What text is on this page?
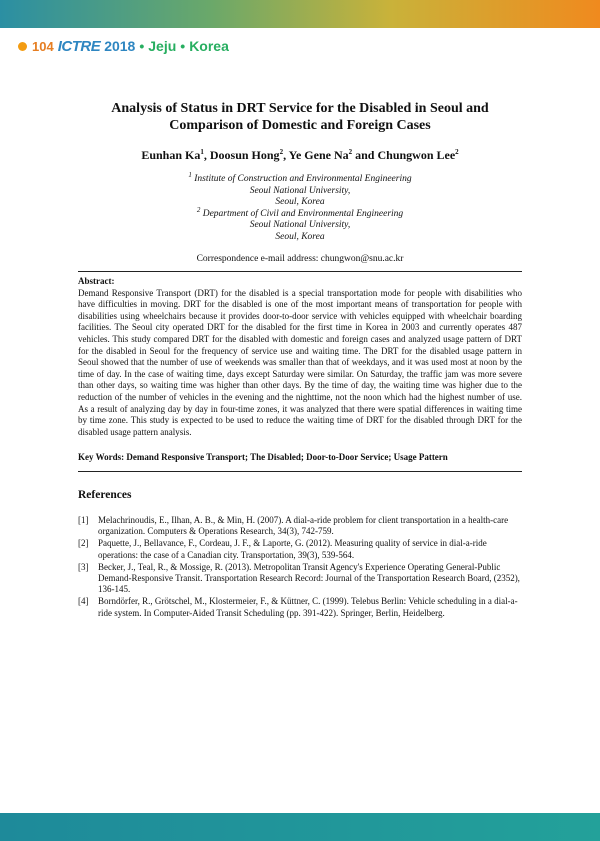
104 ICTRE 2018 • Jeju • Korea
Analysis of Status in DRT Service for the Disabled in Seoul and
Comparison of Domestic and Foreign Cases
Eunhan Ka$^1$, Doosun Hong$^2$, Ye Gene Na$^2$ and Chungwon Lee$^2$
$^1$ Institute of Construction and Environmental Engineering
Seoul National University,
Seoul, Korea
$^2$ Department of Civil and Environmental Engineering
Seoul National University,
Seoul, Korea
Correspondence e-mail address: chungwon@snu.ac.kr
Abstract:
Demand Responsive Transport (DRT) for the disabled is a special transportation mode for people with disabilities who have difficulties in moving. DRT for the disabled is one of the most important means of transportation for people with disabilities using wheelchairs because it provides door-to-door service with vehicles equipped with wheelchair boarding facilities. The Seoul city operated DRT for the disabled for the first time in Korea in 2003 and currently operates 487 vehicles. This study compared DRT for the disabled with domestic and foreign cases and analyzed usage pattern of DRT for the disabled in Seoul for the frequency of service use and waiting time. The DRT for the disabled usage pattern in Seoul showed that the number of use of weekends was smaller than that of weekdays, and it was used most at noon by the time of day. In the case of waiting time, days except Saturday were similar. On Saturday, the traffic jam was more severe than other days, so waiting time was higher than other days. By the time of day, the waiting time was higher due to the reduction of the number of vehicles in the evening and the nighttime, not the noon which had the highest number of use. As a result of analyzing day by day in four-time zones, it was analyzed that there were spatial differences in waiting time by time zone. This study is expected to be used to reduce the waiting time of DRT for the disabled through DRT for the disabled usage pattern analysis.
Key Words: Demand Responsive Transport; The Disabled; Door-to-Door Service; Usage Pattern
References
[1]	Melachrinoudis, E., Ilhan, A. B., & Min, H. (2007). A dial-a-ride problem for client transportation in a health-care organization. Computers & Operations Research, 34(3), 742-759.
[2]	Paquette, J., Bellavance, F., Cordeau, J. F., & Laporte, G. (2012). Measuring quality of service in dial-a-ride operations: the case of a Canadian city. Transportation, 39(3), 539-564.
[3]	Becker, J., Teal, R., & Mossige, R. (2013). Metropolitan Transit Agency's Experience Operating General-Public Demand-Responsive Transit. Transportation Research Record: Journal of the Transportation Research Board, (2352), 136-145.
[4]	Borndörfer, R., Grötschel, M., Klostermeier, F., & Küttner, C. (1999). Telebus Berlin: Vehicle scheduling in a dial-a-ride system. In Computer-Aided Transit Scheduling (pp. 391-422). Springer, Berlin, Heidelberg.
